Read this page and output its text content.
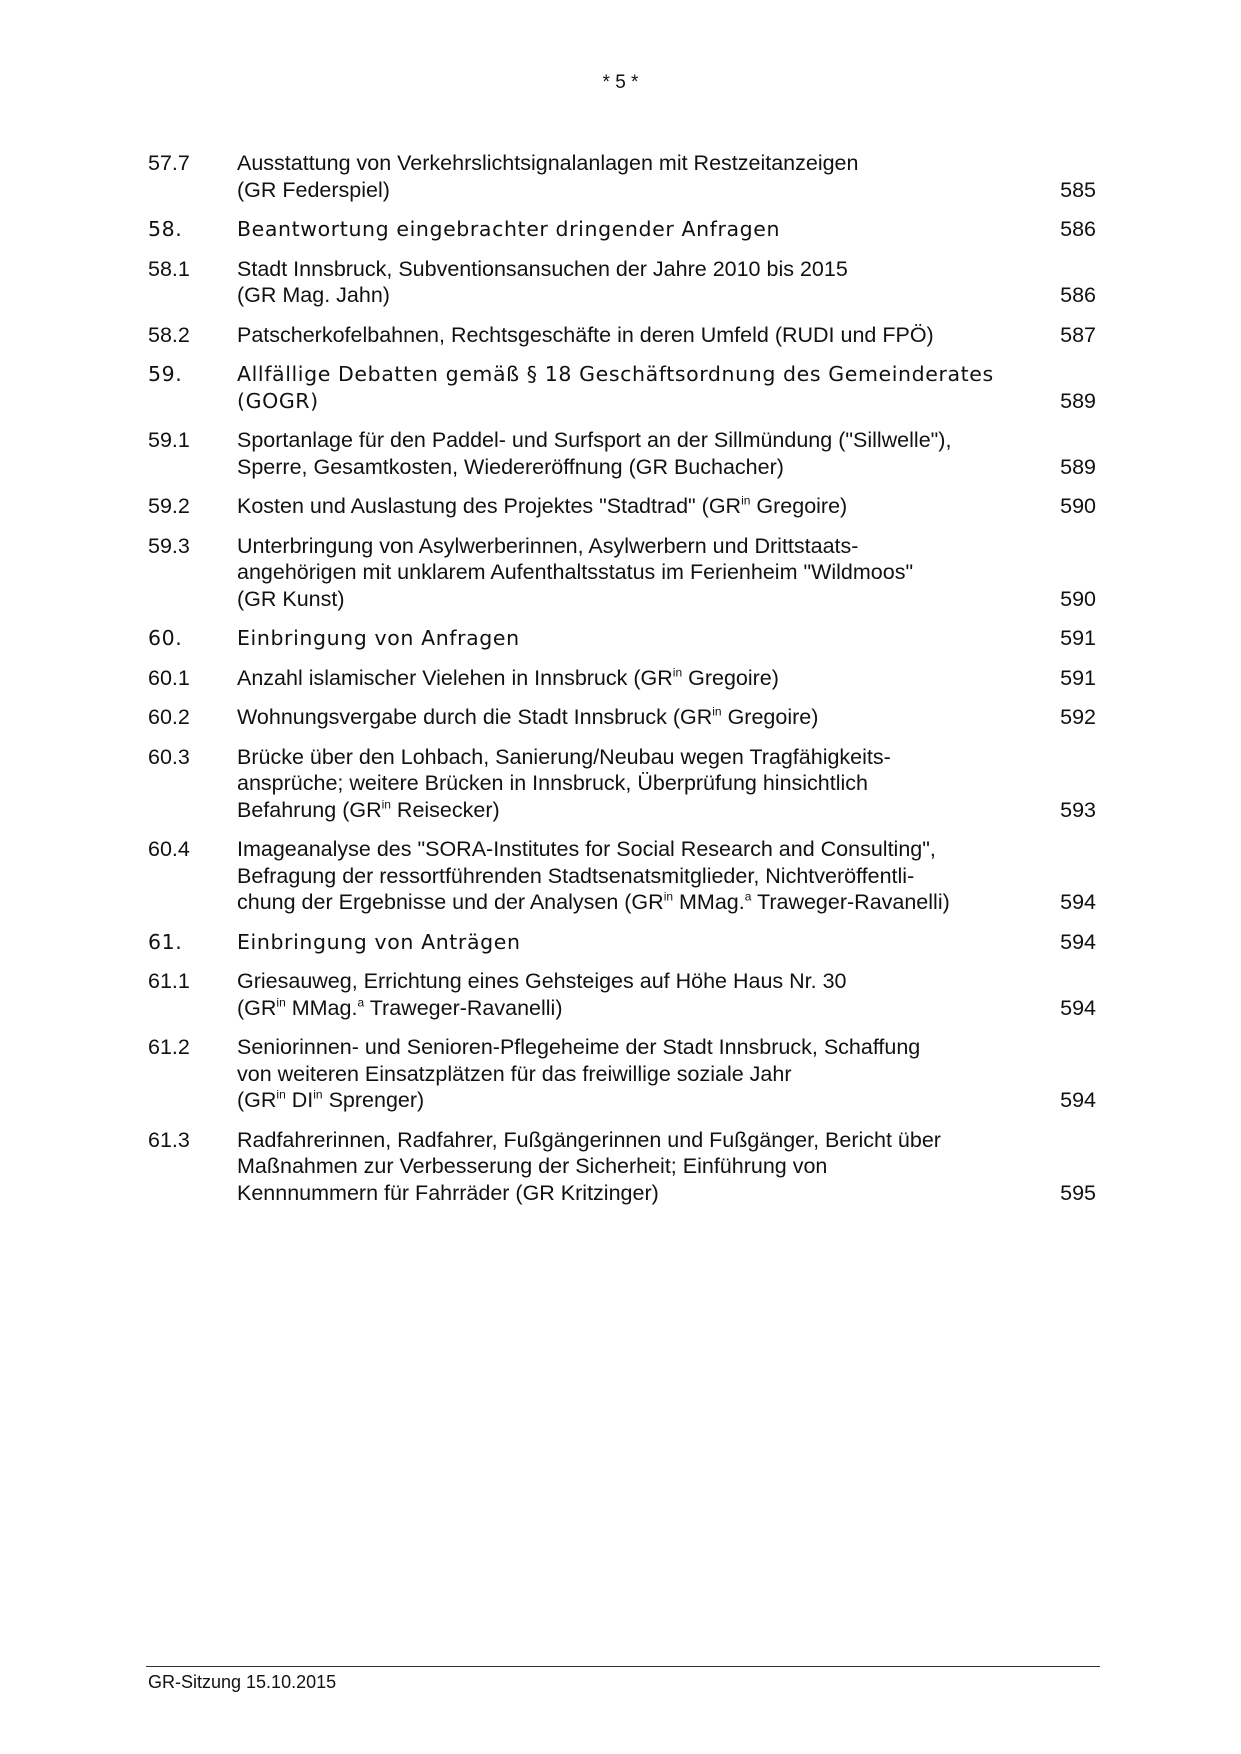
* 5 *
57.7	Ausstattung von Verkehrslichtsignalanlagen mit Restzeitanzeigen
(GR Federspiel)	585
58.	Beantwortung eingebrachter dringender Anfragen	586
58.1	Stadt Innsbruck, Subventionsansuchen der Jahre 2010 bis 2015
(GR Mag. Jahn)	586
58.2	Patscherkofelbahnen, Rechtsgeschäfte in deren Umfeld (RUDI und FPÖ)	587
59.	Allfällige Debatten gemäß § 18 Geschäftsordnung des Gemeinderates
(GOGR)	589
59.1	Sportanlage für den Paddel- und Surfsport an der Sillmündung ("Sillwelle"),
Sperre, Gesamtkosten, Wiedereröffnung (GR Buchacher)	589
59.2	Kosten und Auslastung des Projektes "Stadtrad" ($GR^{in}$ Gregoire)	590
59.3	Unterbringung von Asylwerberinnen, Asylwerbern und Drittstaats-
angehörigen mit unklarem Aufenthaltsstatus im Ferienheim "Wildmoos"
(GR Kunst)	590
60.	Einbringung von Anfragen	591
60.1	Anzahl islamischer Vielehen in Innsbruck ($GR^{in}$ Gregoire)	591
60.2	Wohnungsvergabe durch die Stadt Innsbruck ($GR^{in}$ Gregoire)	592
60.3	Brücke über den Lohbach, Sanierung/Neubau wegen Tragfähigkeits-
ansprüche; weitere Brücken in Innsbruck, Überprüfung hinsichtlich
Befahrung ($GR^{in}$ Reisecker)	593
60.4	Imageanalyse des "SORA-Institutes for Social Research and Consulting",
Befragung der ressortführenden Stadtsenatsmitglieder, Nichtveröffentli-
chung der Ergebnisse und der Analysen ($GR^{in}$ MMag.$^a$ Traweger-Ravanelli)	594
61.	Einbringung von Anträgen	594
61.1	Griesauweg, Errichtung eines Gehsteiges auf Höhe Haus Nr. 30
($GR^{in}$ MMag.$^a$ Traweger-Ravanelli)	594
61.2	Seniorinnen- und Senioren-Pflegeheime der Stadt Innsbruck, Schaffung
von weiteren Einsatzplätzen für das freiwillige soziale Jahr
($GR^{in}$ $DI^{in}$ Sprenger)	594
61.3	Radfahrerinnen, Radfahrer, Fußgängerinnen und Fußgänger, Bericht über
Maßnahmen zur Verbesserung der Sicherheit; Einführung von
Kennnummern für Fahrräder (GR Kritzinger)	595
GR-Sitzung 15.10.2015
